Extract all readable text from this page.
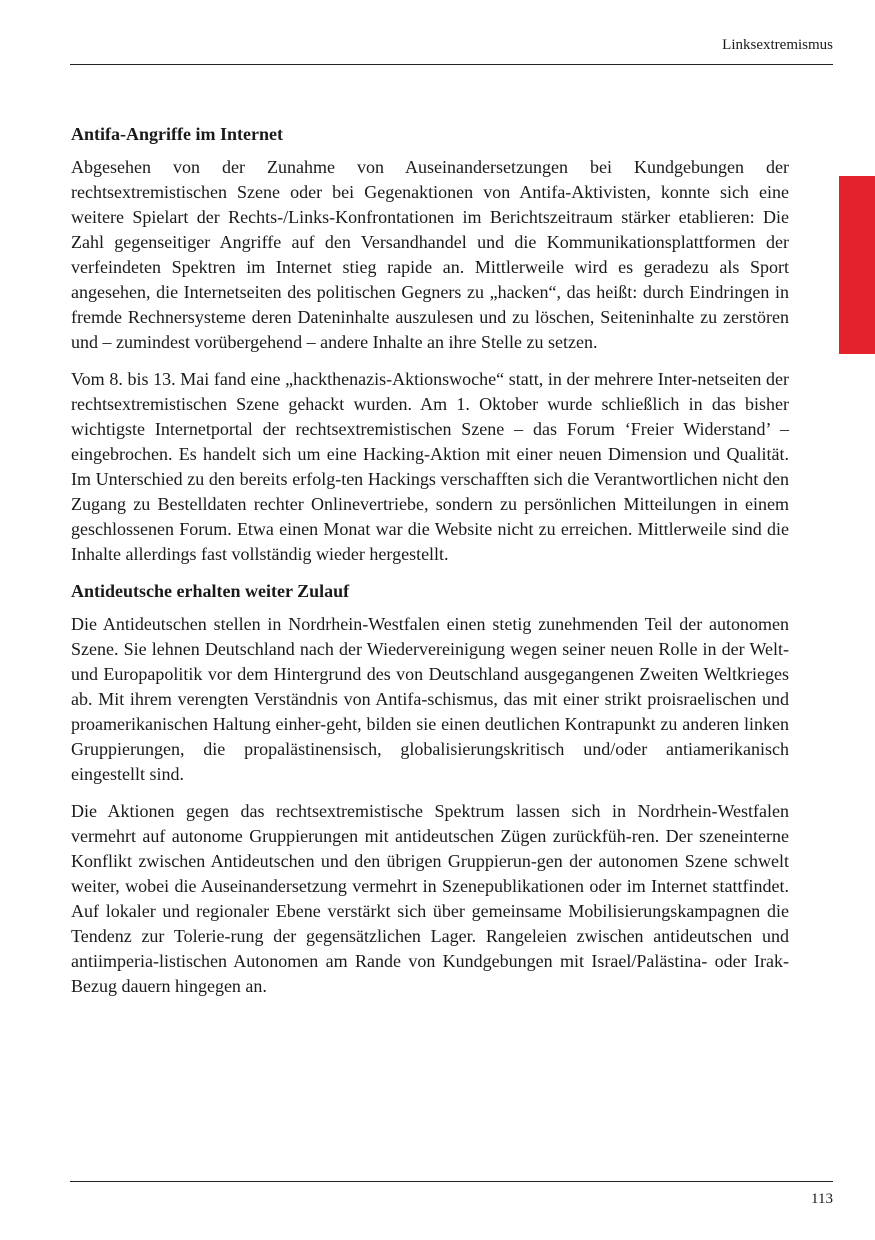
Linksextremismus
Antifa-Angriffe im Internet

Abgesehen von der Zunahme von Auseinandersetzungen bei Kundgebungen der rechtsextremistischen Szene oder bei Gegenaktionen von Antifa-Aktivisten, konnte sich eine weitere Spielart der Rechts-/Links-Konfrontationen im Berichtszeitraum stärker etablieren: Die Zahl gegenseitiger Angriffe auf den Versandhandel und die Kommunikationsplattformen der verfeindeten Spektren im Internet stieg rapide an. Mittlerweile wird es geradezu als Sport angesehen, die Internetseiten des politischen Gegners zu „hacken“, das heißt: durch Eindringen in fremde Rechnersysteme deren Dateninhalte auszulesen und zu löschen, Seiteninhalte zu zerstören und – zumindest vorübergehend – andere Inhalte an ihre Stelle zu setzen.

Vom 8. bis 13. Mai fand eine „hackthenazis-Aktionswoche“ statt, in der mehrere Inter-netseiten der rechtsextremistischen Szene gehackt wurden. Am 1. Oktober wurde schließlich in das bisher wichtigste Internetportal der rechtsextremistischen Szene – das Forum ‘Freier Widerstand’ – eingebrochen. Es handelt sich um eine Hacking-Aktion mit einer neuen Dimension und Qualität. Im Unterschied zu den bereits erfolg-ten Hackings verschafften sich die Verantwortlichen nicht den Zugang zu Bestelldaten rechter Onlinevertriebe, sondern zu persönlichen Mitteilungen in einem geschlossenen Forum. Etwa einen Monat war die Website nicht zu erreichen. Mittlerweile sind die Inhalte allerdings fast vollständig wieder hergestellt.

Antideutsche erhalten weiter Zulauf

Die Antideutschen stellen in Nordrhein-Westfalen einen stetig zunehmenden Teil der autonomen Szene. Sie lehnen Deutschland nach der Wiedervereinigung wegen seiner neuen Rolle in der Welt- und Europapolitik vor dem Hintergrund des von Deutschland ausgegangenen Zweiten Weltkrieges ab. Mit ihrem verengten Verständnis von Antifa-schismus, das mit einer strikt proisraelischen und proamerikanischen Haltung einher-geht, bilden sie einen deutlichen Kontrapunkt zu anderen linken Gruppierungen, die propalästinensisch, globalisierungskritisch und/oder antiamerikanisch eingestellt sind.

Die Aktionen gegen das rechtsextremistische Spektrum lassen sich in Nordrhein-Westfalen vermehrt auf autonome Gruppierungen mit antideutschen Zügen zurückfüh-ren. Der szeneinterne Konflikt zwischen Antideutschen und den übrigen Gruppierun-gen der autonomen Szene schwelt weiter, wobei die Auseinandersetzung vermehrt in Szenepublikationen oder im Internet stattfindet. Auf lokaler und regionaler Ebene verstärkt sich über gemeinsame Mobilisierungskampagnen die Tendenz zur Tolerie-rung der gegensätzlichen Lager. Rangeleien zwischen antideutschen und antiimperia-listischen Autonomen am Rande von Kundgebungen mit Israel/Palästina- oder Irak-Bezug dauern hingegen an.

113
